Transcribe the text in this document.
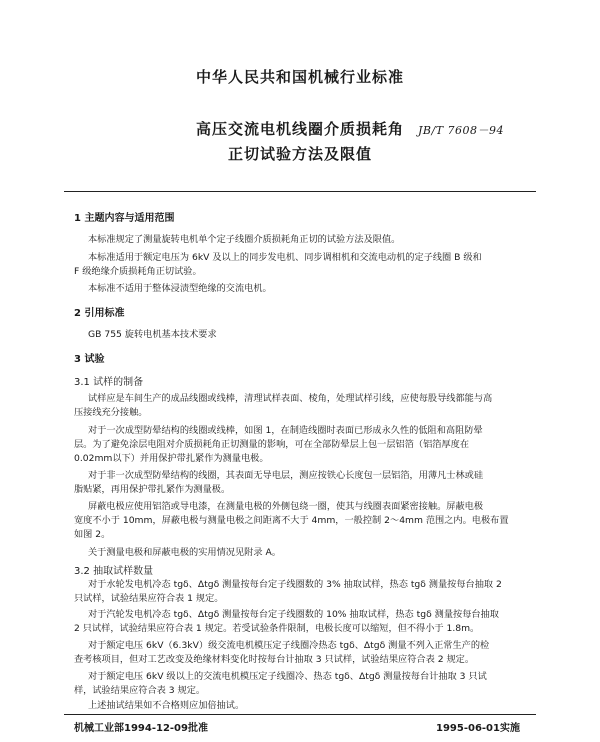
中华人民共和国机械行业标准
高压交流电机线圈介质损耗角
正切试验方法及限值
JB/T 7608－94
1 主题内容与适用范围
本标准规定了测量旋转电机单个定子线圈介质损耗角正切的试验方法及限值。
本标准适用于额定电压为 6kV 及以上的同步发电机、同步调相机和交流电动机的定子线圈 B 级和
F 级绝缘介质损耗角正切试验。
本标准不适用于整体浸渍型绝缘的交流电机。
2 引用标准
GB 755 旋转电机基本技术要求
3 试验
3.1 试样的制备
试样应是车间生产的成品线圈或线棒，清理试样表面、棱角，处理试样引线，应使每股导线都能与高
压接线充分接触。
对于一次成型防晕结构的线圈或线棒，如图 1，在制造线圈时表面已形成永久性的低阻和高阻防晕
层。为了避免涂层电阻对介质损耗角正切测量的影响，可在全部防晕层上包一层铝箔（铝箔厚度在
0.02mm以下）并用保护带扎紧作为测量电极。
对于非一次成型防晕结构的线圈，其表面无导电层，测应按铁心长度包一层铝箔，用薄凡士林或硅
脂贴紧，再用保护带扎紧作为测量极。
屏蔽电极应使用铝箔或导电漆，在测量电极的外侧包绕一圈，使其与线圈表面紧密接触。屏蔽电极
宽度不小于 10mm，屏蔽电极与测量电极之间距离不大于 4mm，一般控制 2～4mm 范围之内。电极布置
如图 2。
关于测量电极和屏蔽电极的实用情况见附录 A。
3.2 抽取试样数量
对于水轮发电机冷态 tgδ、Δtgδ 测量按每台定子线圈数的 3% 抽取试样，热态 tgδ 测量按每台抽取 2
只试样，试验结果应符合表 1 规定。
对于汽轮发电机冷态 tgδ、Δtgδ 测量按每台定子线圈数的 10% 抽取试样，热态 tgδ 测量按每台抽取
2 只试样，试验结果应符合表 1 规定。若受试验条件限制，电极长度可以缩短，但不得小于 1.8m。
对于额定电压 6kV（6.3kV）级交流电机模压定子线圈冷热态 tgδ、Δtgδ 测量不列入正常生产的检
查考核项目，但对工艺改变及绝缘材料变化时按每台计抽取 3 只试样，试验结果应符合表 2 规定。
对于额定电压 6kV 级以上的交流电机模压定子线圈冷、热态 tgδ、Δtgδ 测量按每台计抽取 3 只试
样，试验结果应符合表 3 规定。
上述抽试结果如不合格则应加倍抽试。
机械工业部1994-12-09批准	1995-06-01实施
